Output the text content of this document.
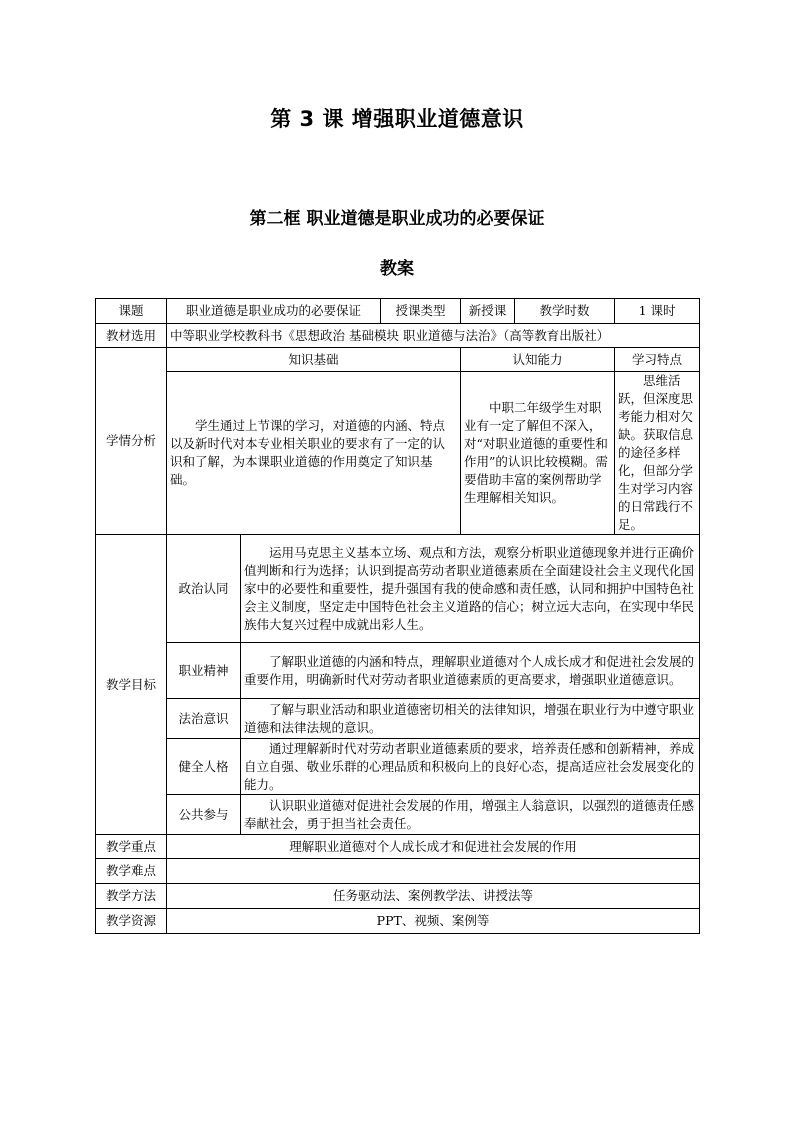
第 3 课 增强职业道德意识
第二框 职业道德是职业成功的必要保证
教案
课题	职业道德是职业成功的必要保证		授课类型	新授课	教学时数	1 课时
教材选用	中等职业学校教科书《思想政治 基础模块 职业道德与法治》（高等教育出版社）					
学情分析	知识基础			认知能力		学习特点
	学生通过上节课的学习，对道德的内涵、特点以及新时代对本专业相关职业的要求有了一定的认识和了解，为本课职业道德的作用奠定了知识基础。			中职二年级学生对职业有一定了解但不深入，对“对职业道德的重要性和作用”的认识比较模糊。需要借助丰富的案例帮助学生理解相关知识。		思维活跃，但深度思考能力相对欠缺。获取信息的途径多样化，但部分学生对学习内容的日常践行不足。
教学目标	政治认同	运用马克思主义基本立场、观点和方法，观察分析职业道德现象并进行正确价值判断和行为选择；认识到提高劳动者职业道德素质在全面建设社会主义现代化国家中的必要性和重要性，提升强国有我的使命感和责任感，认同和拥护中国特色社会主义制度，坚定走中国特色社会主义道路的信心；树立远大志向，在实现中华民族伟大复兴过程中成就出彩人生。				
	职业精神	了解职业道德的内涵和特点，理解职业道德对个人成长成才和促进社会发展的重要作用，明确新时代对劳动者职业道德素质的更高要求，增强职业道德意识。				
	法治意识	了解与职业活动和职业道德密切相关的法律知识，增强在职业行为中遵守职业道德和法律法规的意识。				
	健全人格	通过理解新时代对劳动者职业道德素质的要求，培养责任感和创新精神，养成自立自强、敬业乐群的心理品质和积极向上的良好心态，提高适应社会发展变化的能力。				
	公共参与	认识职业道德对促进社会发展的作用，增强主人翁意识，以强烈的道德责任感奉献社会，勇于担当社会责任。				
教学重点	理解职业道德对个人成长成才和促进社会发展的作用					
教学难点						
教学方法	任务驱动法、案例教学法、讲授法等					
教学资源	PPT、视频、案例等					
